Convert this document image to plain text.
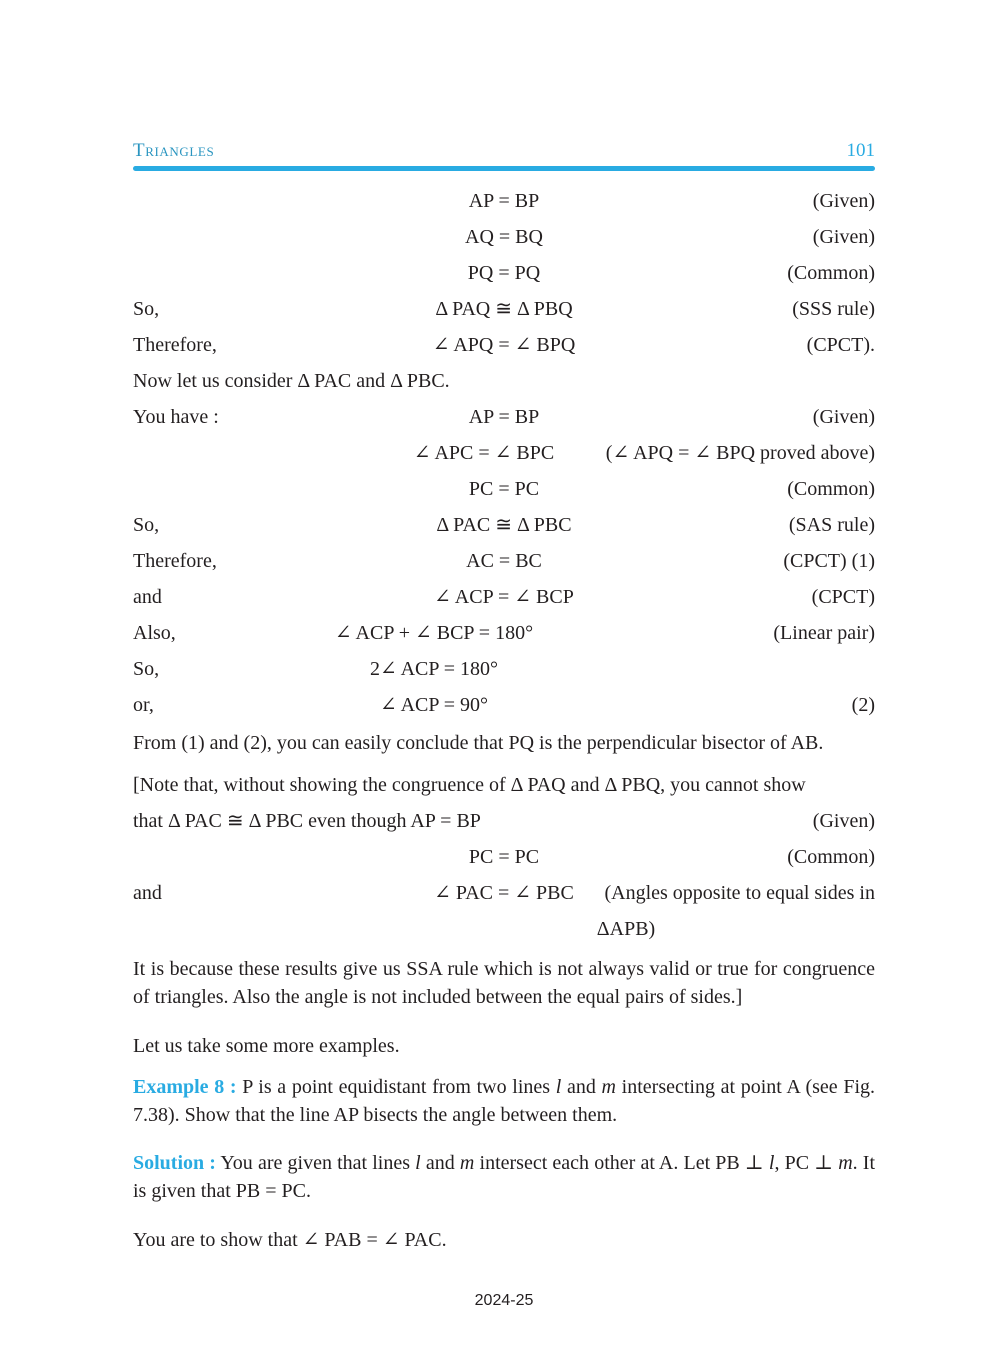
Triangles	101
AP = BP	(Given)
AQ = BQ	(Given)
PQ = PQ	(Common)
So,	Δ PAQ ≅ Δ PBQ	(SSS rule)
Therefore,	∠ APQ = ∠ BPQ	(CPCT).
Now let us consider Δ PAC and Δ PBC.
You have :	AP = BP	(Given)
∠ APC = ∠ BPC	(∠ APQ = ∠ BPQ proved above)
PC = PC	(Common)
So,	Δ PAC ≅ Δ PBC	(SAS rule)
Therefore,	AC = BC	(CPCT) (1)
and	∠ ACP = ∠ BCP	(CPCT)
Also,	∠ ACP + ∠ BCP = 180°	(Linear pair)
So,	2∠ ACP = 180°
or,	∠ ACP = 90°	(2)
From (1) and (2), you can easily conclude that PQ is the perpendicular bisector of AB.
[Note that, without showing the congruence of Δ PAQ and Δ PBQ, you cannot show
that Δ PAC ≅ Δ PBC even though AP = BP	(Given)
PC = PC	(Common)
and	∠ PAC = ∠ PBC	(Angles opposite to equal sides in
ΔAPB)

It is because these results give us SSA rule which is not always valid or true for congruence of triangles. Also the angle is not included between the equal pairs of sides.]

Let us take some more examples.

Example 8 : P is a point equidistant from two lines l and m intersecting at point A (see Fig. 7.38). Show that the line AP bisects the angle between them.

Solution : You are given that lines l and m intersect each other at A. Let PB ⊥ l, PC ⊥ m. It is given that PB = PC.

You are to show that ∠ PAB = ∠ PAC.
2024-25
